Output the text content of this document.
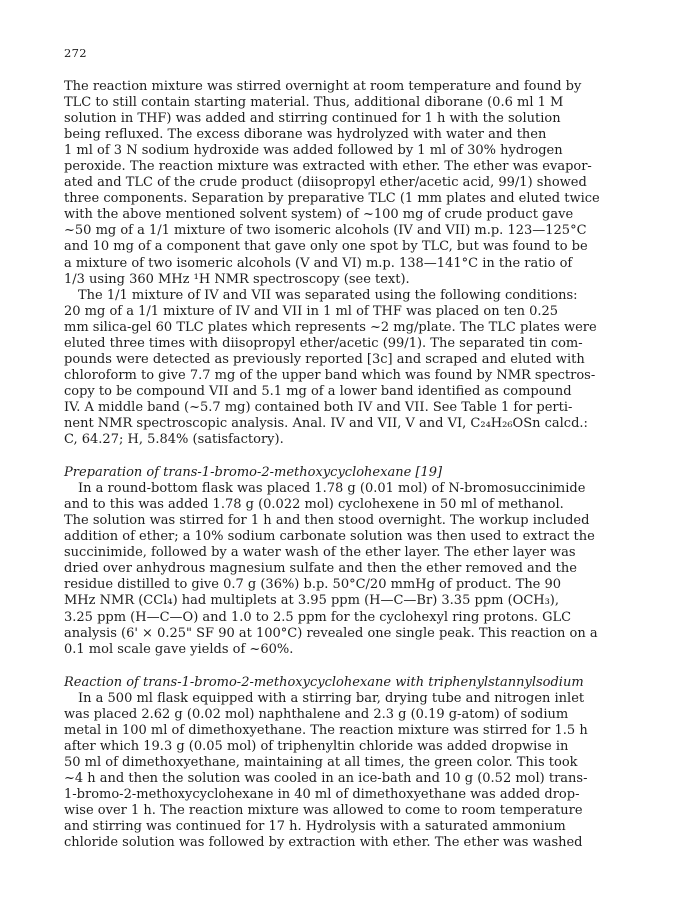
272
The reaction mixture was stirred overnight at room temperature and found by
TLC to still contain starting material. Thus, additional diborane (0.6 ml 1 M
solution in THF) was added and stirring continued for 1 h with the solution
being refluxed. The excess diborane was hydrolyzed with water and then
1 ml of 3 N sodium hydroxide was added followed by 1 ml of 30% hydrogen
peroxide. The reaction mixture was extracted with ether. The ether was evapor-
ated and TLC of the crude product (diisopropyl ether/acetic acid, 99/1) showed
three components. Separation by preparative TLC (1 mm plates and eluted twice
with the above mentioned solvent system) of ~100 mg of crude product gave
~50 mg of a 1/1 mixture of two isomeric alcohols (IV and VII) m.p. 123—125°C
and 10 mg of a component that gave only one spot by TLC, but was found to be
a mixture of two isomeric alcohols (V and VI) m.p. 138—141°C in the ratio of
1/3 using 360 MHz ¹H NMR spectroscopy (see text).
The 1/1 mixture of IV and VII was separated using the following conditions:
20 mg of a 1/1 mixture of IV and VII in 1 ml of THF was placed on ten 0.25
mm silica-gel 60 TLC plates which represents ~2 mg/plate. The TLC plates were
eluted three times with diisopropyl ether/acetic (99/1). The separated tin com-
pounds were detected as previously reported [3c] and scraped and eluted with
chloroform to give 7.7 mg of the upper band which was found by NMR spectros-
copy to be compound VII and 5.1 mg of a lower band identified as compound
IV. A middle band (~5.7 mg) contained both IV and VII. See Table 1 for perti-
nent NMR spectroscopic analysis. Anal. IV and VII, V and VI, C₂₄H₂₆OSn calcd.:
C, 64.27; H, 5.84% (satisfactory).
Preparation of trans-1-bromo-2-methoxycyclohexane [19]
In a round-bottom flask was placed 1.78 g (0.01 mol) of N-bromosuccinimide
and to this was added 1.78 g (0.022 mol) cyclohexene in 50 ml of methanol.
The solution was stirred for 1 h and then stood overnight. The workup included
addition of ether; a 10% sodium carbonate solution was then used to extract the
succinimide, followed by a water wash of the ether layer. The ether layer was
dried over anhydrous magnesium sulfate and then the ether removed and the
residue distilled to give 0.7 g (36%) b.p. 50°C/20 mmHg of product. The 90
MHz NMR (CCl₄) had multiplets at 3.95 ppm (H—C—Br) 3.35 ppm (OCH₃),
3.25 ppm (H—C—O) and 1.0 to 2.5 ppm for the cyclohexyl ring protons. GLC
analysis (6' × 0.25" SF 90 at 100°C) revealed one single peak. This reaction on a
0.1 mol scale gave yields of ~60%.
Reaction of trans-1-bromo-2-methoxycyclohexane with triphenylstannylsodium
In a 500 ml flask equipped with a stirring bar, drying tube and nitrogen inlet
was placed 2.62 g (0.02 mol) naphthalene and 2.3 g (0.19 g-atom) of sodium
metal in 100 ml of dimethoxyethane. The reaction mixture was stirred for 1.5 h
after which 19.3 g (0.05 mol) of triphenyltin chloride was added dropwise in
50 ml of dimethoxyethane, maintaining at all times, the green color. This took
~4 h and then the solution was cooled in an ice-bath and 10 g (0.52 mol) trans-
1-bromo-2-methoxycyclohexane in 40 ml of dimethoxyethane was added drop-
wise over 1 h. The reaction mixture was allowed to come to room temperature
and stirring was continued for 17 h. Hydrolysis with a saturated ammonium
chloride solution was followed by extraction with ether. The ether was washed
